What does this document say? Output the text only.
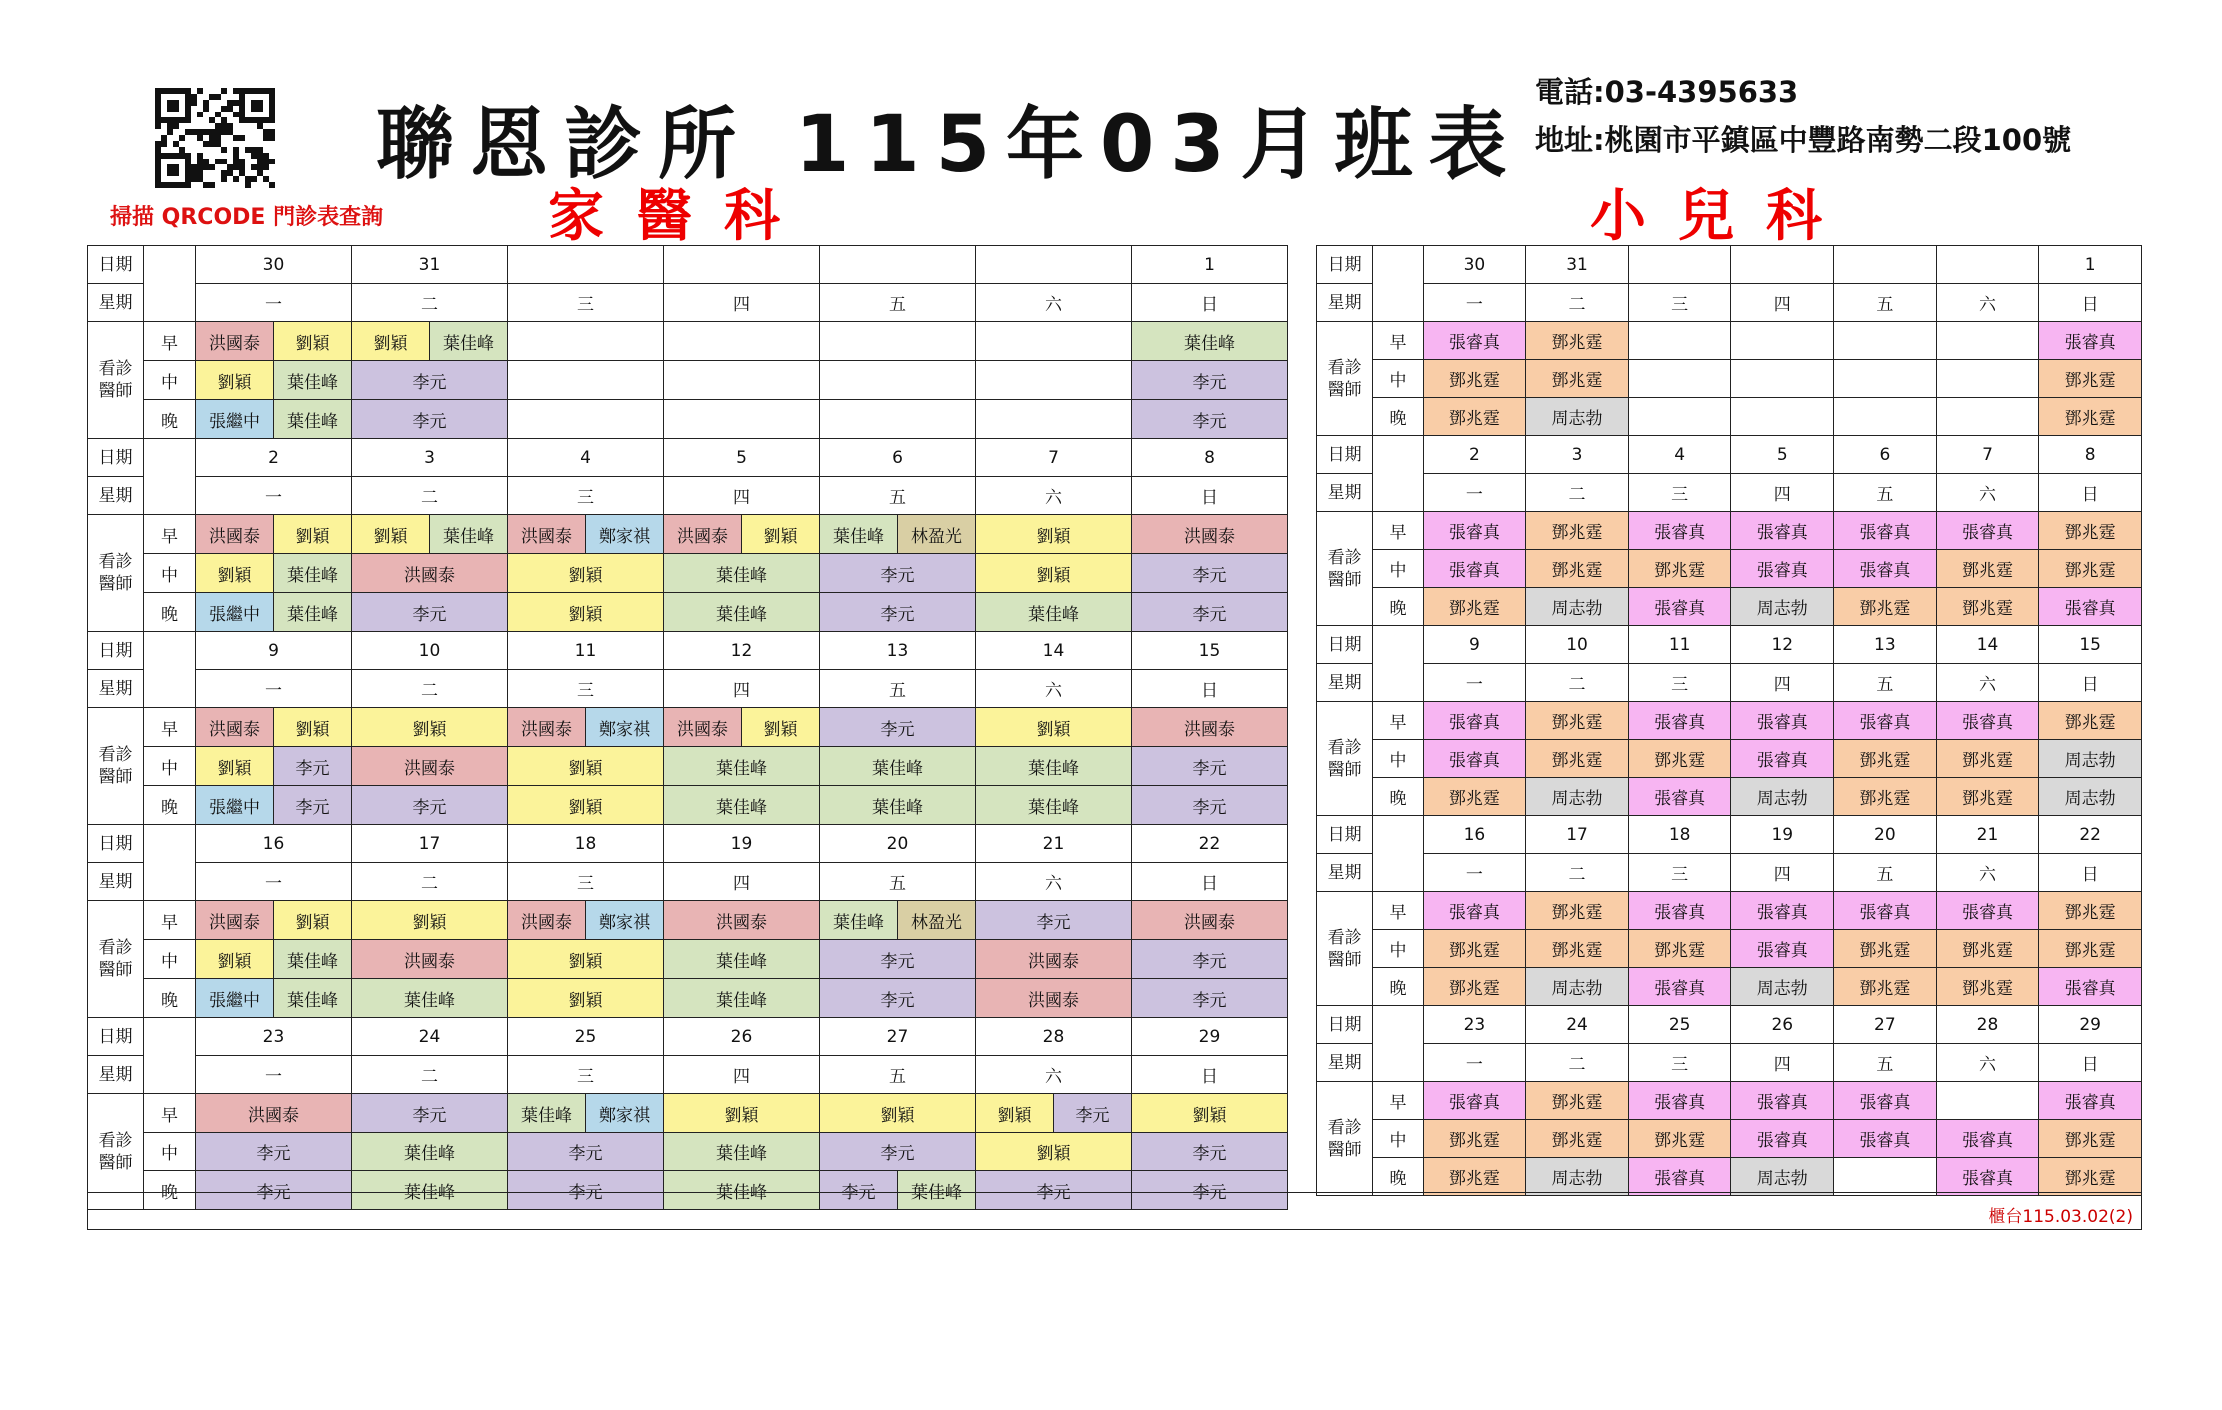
掃描 QRCODE 門診表查詢
聯恩診所 115年03月班表
電話:03-4395633
地址:桃園市平鎮區中豐路南勢二段100號
家醫科	小兒科
日期		30	31					1
星期		一	二	三	四	五	六	日
看診醫師	早	洪國泰 劉穎	劉穎 葉佳峰					葉佳峰
	中	劉穎 葉佳峰	李元					李元
	晚	張繼中 葉佳峰	李元					李元
日期		2	3	4	5	6	7	8
星期		一	二	三	四	五	六	日
看診醫師	早	洪國泰 劉穎	劉穎 葉佳峰	洪國泰 鄭家祺	洪國泰 劉穎	葉佳峰 林盈光	劉穎	洪國泰
	中	劉穎 葉佳峰	洪國泰	劉穎	葉佳峰	李元	劉穎	李元
	晚	張繼中 葉佳峰	李元	劉穎	葉佳峰	李元	葉佳峰	李元
日期		9	10	11	12	13	14	15
星期		一	二	三	四	五	六	日
看診醫師	早	洪國泰 劉穎	劉穎	洪國泰 鄭家祺	洪國泰 劉穎	李元	劉穎	洪國泰
	中	劉穎 李元	洪國泰	劉穎	葉佳峰	葉佳峰	葉佳峰	李元
	晚	張繼中 李元	李元	劉穎	葉佳峰	葉佳峰	葉佳峰	李元
日期		16	17	18	19	20	21	22
星期		一	二	三	四	五	六	日
看診醫師	早	洪國泰 劉穎	劉穎	洪國泰 鄭家祺	洪國泰	葉佳峰 林盈光	李元	洪國泰
	中	劉穎 葉佳峰	洪國泰	劉穎	葉佳峰	李元	洪國泰	李元
	晚	張繼中 葉佳峰	葉佳峰	劉穎	葉佳峰	李元	洪國泰	李元
日期		23	24	25	26	27	28	29
星期		一	二	三	四	五	六	日
看診醫師	早	洪國泰	李元	葉佳峰 鄭家祺	劉穎	劉穎	劉穎 李元	劉穎
	中	李元	葉佳峰	李元	葉佳峰	李元	劉穎	李元
	晚	李元	葉佳峰	李元	葉佳峰	李元 葉佳峰	李元	李元
日期		30	31					1
星期		一	二	三	四	五	六	日
看診醫師	早	張睿真	鄧兆霆					張睿真
	中	鄧兆霆	鄧兆霆					鄧兆霆
	晚	鄧兆霆	周志勃					鄧兆霆
日期		2	3	4	5	6	7	8
星期		一	二	三	四	五	六	日
看診醫師	早	張睿真	鄧兆霆	張睿真	張睿真	張睿真	張睿真	鄧兆霆
	中	張睿真	鄧兆霆	鄧兆霆	張睿真	張睿真	鄧兆霆	鄧兆霆
	晚	鄧兆霆	周志勃	張睿真	周志勃	鄧兆霆	鄧兆霆	張睿真
日期		9	10	11	12	13	14	15
星期		一	二	三	四	五	六	日
看診醫師	早	張睿真	鄧兆霆	張睿真	張睿真	張睿真	張睿真	鄧兆霆
	中	張睿真	鄧兆霆	鄧兆霆	張睿真	鄧兆霆	鄧兆霆	周志勃
	晚	鄧兆霆	周志勃	張睿真	周志勃	鄧兆霆	鄧兆霆	周志勃
日期		16	17	18	19	20	21	22
星期		一	二	三	四	五	六	日
看診醫師	早	張睿真	鄧兆霆	張睿真	張睿真	張睿真	張睿真	鄧兆霆
	中	鄧兆霆	鄧兆霆	鄧兆霆	張睿真	鄧兆霆	鄧兆霆	鄧兆霆
	晚	鄧兆霆	周志勃	張睿真	周志勃	鄧兆霆	鄧兆霆	張睿真
日期		23	24	25	26	27	28	29
星期		一	二	三	四	五	六	日
看診醫師	早	張睿真	鄧兆霆	張睿真	張睿真	張睿真		張睿真
	中	鄧兆霆	鄧兆霆	鄧兆霆	張睿真	張睿真	張睿真	鄧兆霆
	晚	鄧兆霆	周志勃	張睿真	周志勃		張睿真	鄧兆霆
櫃台115.03.02(2)
